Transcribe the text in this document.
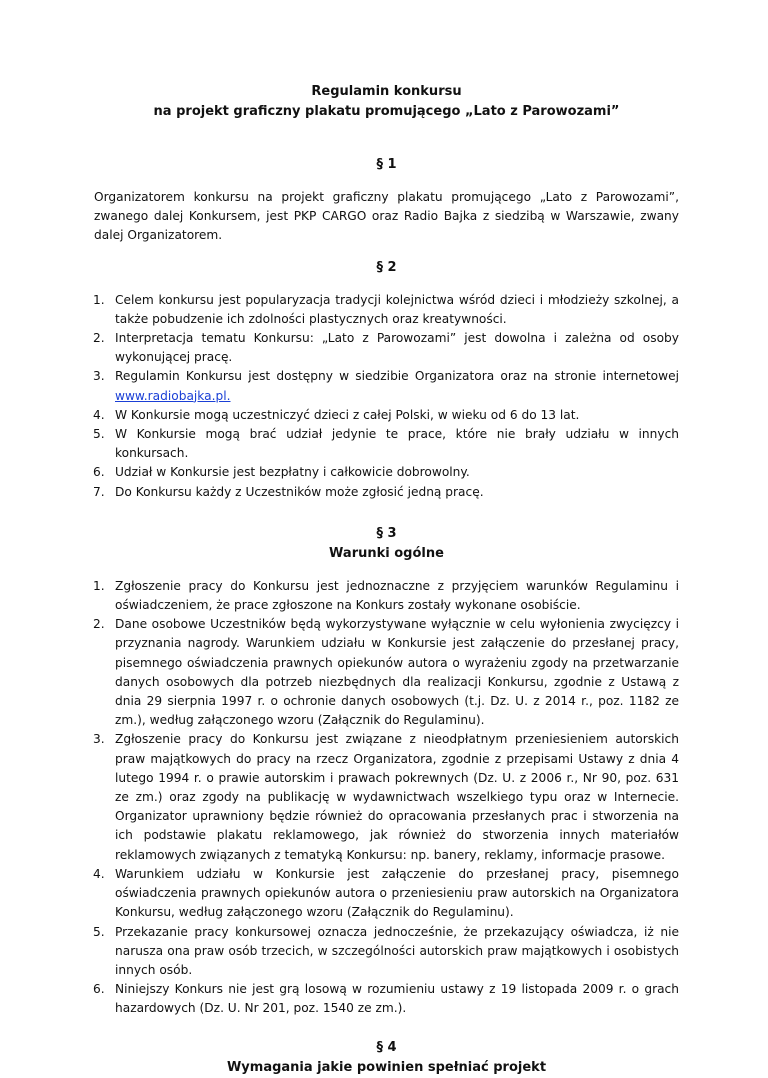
Regulamin konkursu
na projekt graficzny plakatu promującego „Lato z Parowozami”
§ 1

Organizatorem konkursu na projekt graficzny plakatu promującego „Lato z Parowozami”, zwanego dalej Konkursem, jest PKP CARGO oraz Radio Bajka z siedzibą w Warszawie, zwany dalej Organizatorem.

§ 2
1. Celem konkursu jest popularyzacja tradycji kolejnictwa wśród dzieci i młodzieży szkolnej, a także pobudzenie ich zdolności plastycznych oraz kreatywności.
2. Interpretacja tematu Konkursu: „Lato z Parowozami” jest dowolna i zależna od osoby wykonującej pracę.
3. Regulamin Konkursu jest dostępny w siedzibie Organizatora oraz na stronie internetowej www.radiobajka.pl.
4. W Konkursie mogą uczestniczyć dzieci z całej Polski, w wieku od 6 do 13 lat.
5. W Konkursie mogą brać udział jedynie te prace, które nie brały udziału w innych konkursach.
6. Udział w Konkursie jest bezpłatny i całkowicie dobrowolny.
7. Do Konkursu każdy z Uczestników może zgłosić jedną pracę.
§ 3
Warunki ogólne
1. Zgłoszenie pracy do Konkursu jest jednoznaczne z przyjęciem warunków Regulaminu i oświadczeniem, że prace zgłoszone na Konkurs zostały wykonane osobiście.
2. Dane osobowe Uczestników będą wykorzystywane wyłącznie w celu wyłonienia zwycięzcy i przyznania nagrody. Warunkiem udziału w Konkursie jest załączenie do przesłanej pracy, pisemnego oświadczenia prawnych opiekunów autora o wyrażeniu zgody na przetwarzanie danych osobowych dla potrzeb niezbędnych dla realizacji Konkursu, zgodnie z Ustawą z dnia 29 sierpnia 1997 r. o ochronie danych osobowych (t.j. Dz. U. z 2014 r., poz. 1182 ze zm.), według załączonego wzoru (Załącznik do Regulaminu).
3. Zgłoszenie pracy do Konkursu jest związane z nieodpłatnym przeniesieniem autorskich praw majątkowych do pracy na rzecz Organizatora, zgodnie z przepisami Ustawy z dnia 4 lutego 1994 r. o prawie autorskim i prawach pokrewnych (Dz. U. z 2006 r., Nr 90, poz. 631 ze zm.) oraz zgody na publikację w wydawnictwach wszelkiego typu oraz w Internecie. Organizator uprawniony będzie również do opracowania przesłanych prac i stworzenia na ich podstawie plakatu reklamowego, jak również do stworzenia innych materiałów reklamowych związanych z tematyką Konkursu: np. banery, reklamy, informacje prasowe.
4. Warunkiem udziału w Konkursie jest załączenie do przesłanej pracy, pisemnego oświadczenia prawnych opiekunów autora o przeniesieniu praw autorskich na Organizatora Konkursu, według załączonego wzoru (Załącznik do Regulaminu).
5. Przekazanie pracy konkursowej oznacza jednocześnie, że przekazujący oświadcza, iż nie narusza ona praw osób trzecich, w szczególności autorskich praw majątkowych i osobistych innych osób.
6. Niniejszy Konkurs nie jest grą losową w rozumieniu ustawy z 19 listopada 2009 r. o grach hazardowych (Dz. U. Nr 201, poz. 1540 ze zm.).
§ 4
Wymagania jakie powinien spełniać projekt
